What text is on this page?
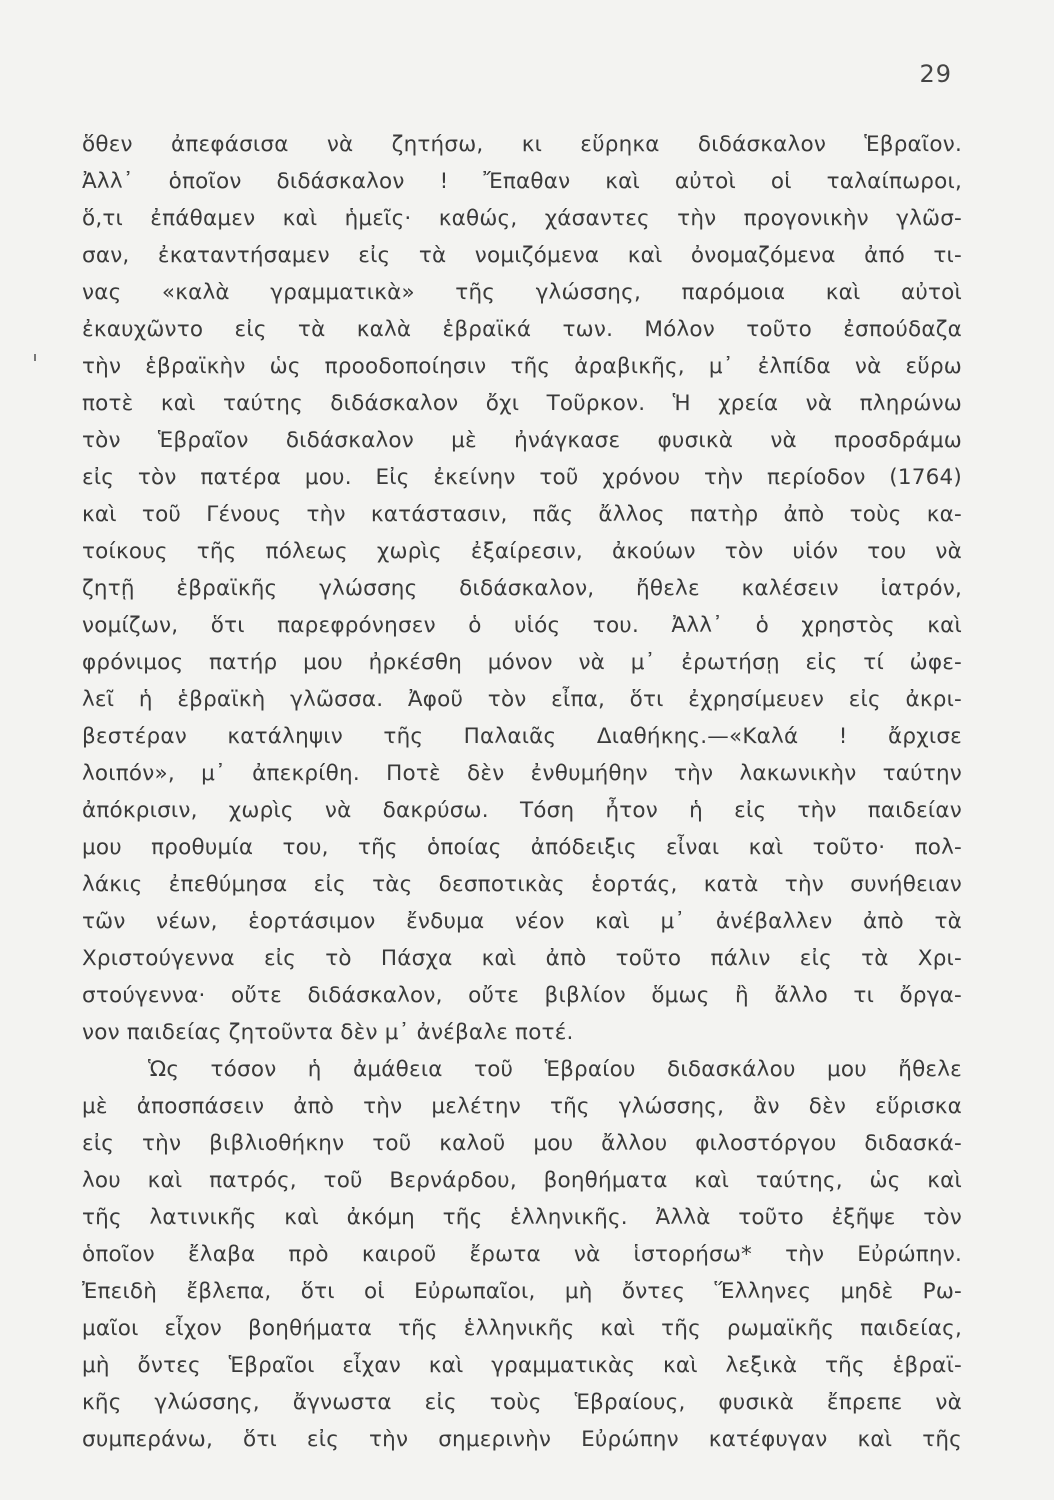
29
ὅθεν ἀπεφάσισα νὰ ζητήσω, κι εὕρηκα διδάσκαλον Ἑβραῖον.
Ἀλλ᾽ ὁποῖον διδάσκαλον ! Ἔπαθαν καὶ αὐτοὶ οἱ ταλαίπωροι,
ὅ,τι ἐπάθαμεν καὶ ἡμεῖς· καθώς, χάσαντες τὴν προγονικὴν γλῶσ-
σαν, ἐκαταντήσαμεν εἰς τὰ νομιζόμενα καὶ ὀνομαζόμενα ἀπό τι-
νας «καλὰ γραμματικὰ» τῆς γλώσσης, παρόμοια καὶ αὐτοὶ
ἐκαυχῶντο εἰς τὰ καλὰ ἑβραϊκά των. Μόλον τοῦτο ἐσπούδαζα
τὴν ἑβραϊκὴν ὡς προοδοποίησιν τῆς ἀραβικῆς, μ᾽ ἐλπίδα νὰ εὕρω
ποτὲ καὶ ταύτης διδάσκαλον ὄχι Τοῦρκον. Ἡ χρεία νὰ πληρώνω
τὸν Ἑβραῖον διδάσκαλον μὲ ἠνάγκασε φυσικὰ νὰ προσδράμω
εἰς τὸν πατέρα μου. Εἰς ἐκείνην τοῦ χρόνου τὴν περίοδον (1764)
καὶ τοῦ Γένους τὴν κατάστασιν, πᾶς ἄλλος πατὴρ ἀπὸ τοὺς κα-
τοίκους τῆς πόλεως χωρὶς ἐξαίρεσιν, ἀκούων τὸν υἱόν του νὰ
ζητῇ ἑβραϊκῆς γλώσσης διδάσκαλον, ἤθελε καλέσειν ἰατρόν,
νομίζων, ὅτι παρεφρόνησεν ὁ υἱός του. Ἀλλ᾽ ὁ χρηστὸς καὶ
φρόνιμος πατήρ μου ἠρκέσθη μόνον νὰ μ᾽ ἐρωτήσῃ εἰς τί ὠφε-
λεῖ ἡ ἑβραϊκὴ γλῶσσα. Ἀφοῦ τὸν εἶπα, ὅτι ἐχρησίμευεν εἰς ἀκρι-
βεστέραν κατάληψιν τῆς Παλαιᾶς Διαθήκης.—«Καλά ! ἄρχισε
λοιπόν», μ᾽ ἀπεκρίθη. Ποτὲ δὲν ἐνθυμήθην τὴν λακωνικὴν ταύτην
ἀπόκρισιν, χωρὶς νὰ δακρύσω. Τόση ἦτον ἡ εἰς τὴν παιδείαν
μου προθυμία του, τῆς ὁποίας ἀπόδειξις εἶναι καὶ τοῦτο· πολ-
λάκις ἐπεθύμησα εἰς τὰς δεσποτικὰς ἑορτάς, κατὰ τὴν συνήθειαν
τῶν νέων, ἑορτάσιμον ἔνδυμα νέον καὶ μ᾽ ἀνέβαλλεν ἀπὸ τὰ
Χριστούγεννα εἰς τὸ Πάσχα καὶ ἀπὸ τοῦτο πάλιν εἰς τὰ Χρι-
στούγεννα· οὔτε διδάσκαλον, οὔτε βιβλίον ὅμως ἢ ἄλλο τι ὄργα-
νον παιδείας ζητοῦντα δὲν μ᾽ ἀνέβαλε ποτέ.
Ὡς τόσον ἡ ἀμάθεια τοῦ Ἑβραίου διδασκάλου μου ἤθελε
μὲ ἀποσπάσειν ἀπὸ τὴν μελέτην τῆς γλώσσης, ἂν δὲν εὕρισκα
εἰς τὴν βιβλιοθήκην τοῦ καλοῦ μου ἄλλου φιλοστόργου διδασκά-
λου καὶ πατρός, τοῦ Βερνάρδου, βοηθήματα καὶ ταύτης, ὡς καὶ
τῆς λατινικῆς καὶ ἀκόμη τῆς ἑλληνικῆς. Ἀλλὰ τοῦτο ἐξῆψε τὸν
ὁποῖον ἔλαβα πρὸ καιροῦ ἔρωτα νὰ ἱστορήσω* τὴν Εὐρώπην.
Ἐπειδὴ ἔβλεπα, ὅτι οἱ Εὐρωπαῖοι, μὴ ὄντες Ἕλληνες μηδὲ Ρω-
μαῖοι εἶχον βοηθήματα τῆς ἑλληνικῆς καὶ τῆς ρωμαϊκῆς παιδείας,
μὴ ὄντες Ἑβραῖοι εἶχαν καὶ γραμματικὰς καὶ λεξικὰ τῆς ἑβραϊ-
κῆς γλώσσης, ἄγνωστα εἰς τοὺς Ἑβραίους, φυσικὰ ἔπρεπε νὰ
συμπεράνω, ὅτι εἰς τὴν σημερινὴν Εὐρώπην κατέφυγαν καὶ τῆς
